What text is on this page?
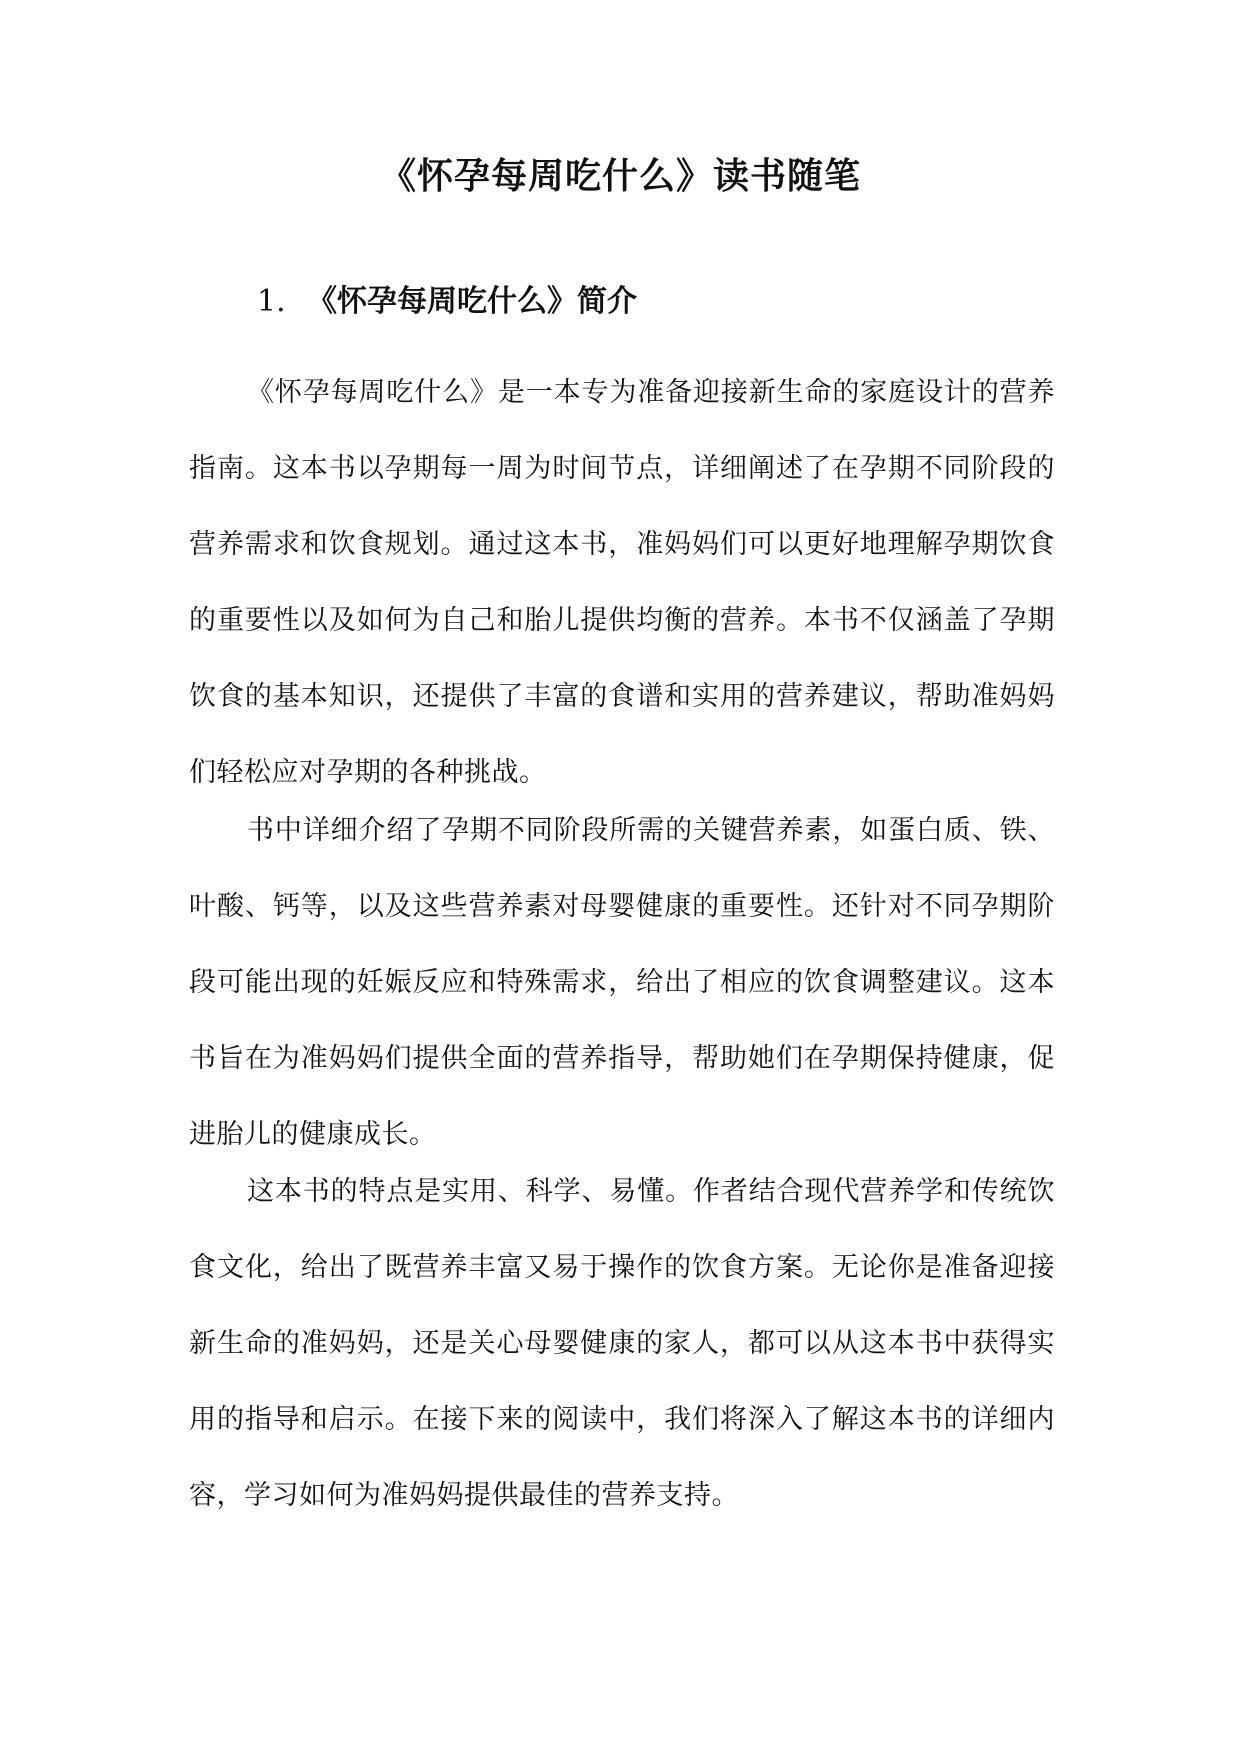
《怀孕每周吃什么》读书随笔
1. 《怀孕每周吃什么》简介

《怀孕每周吃什么》是一本专为准备迎接新生命的家庭设计的营养指南。这本书以孕期每一周为时间节点，详细阐述了在孕期不同阶段的营养需求和饮食规划。通过这本书，准妈妈们可以更好地理解孕期饮食的重要性以及如何为自己和胎儿提供均衡的营养。本书不仅涵盖了孕期饮食的基本知识，还提供了丰富的食谱和实用的营养建议，帮助准妈妈们轻松应对孕期的各种挑战。

书中详细介绍了孕期不同阶段所需的关键营养素，如蛋白质、铁、叶酸、钙等，以及这些营养素对母婴健康的重要性。还针对不同孕期阶段可能出现的妊娠反应和特殊需求，给出了相应的饮食调整建议。这本书旨在为准妈妈们提供全面的营养指导，帮助她们在孕期保持健康，促进胎儿的健康成长。

这本书的特点是实用、科学、易懂。作者结合现代营养学和传统饮食文化，给出了既营养丰富又易于操作的饮食方案。无论你是准备迎接新生命的准妈妈，还是关心母婴健康的家人，都可以从这本书中获得实用的指导和启示。在接下来的阅读中，我们将深入了解这本书的详细内容，学习如何为准妈妈提供最佳的营养支持。
